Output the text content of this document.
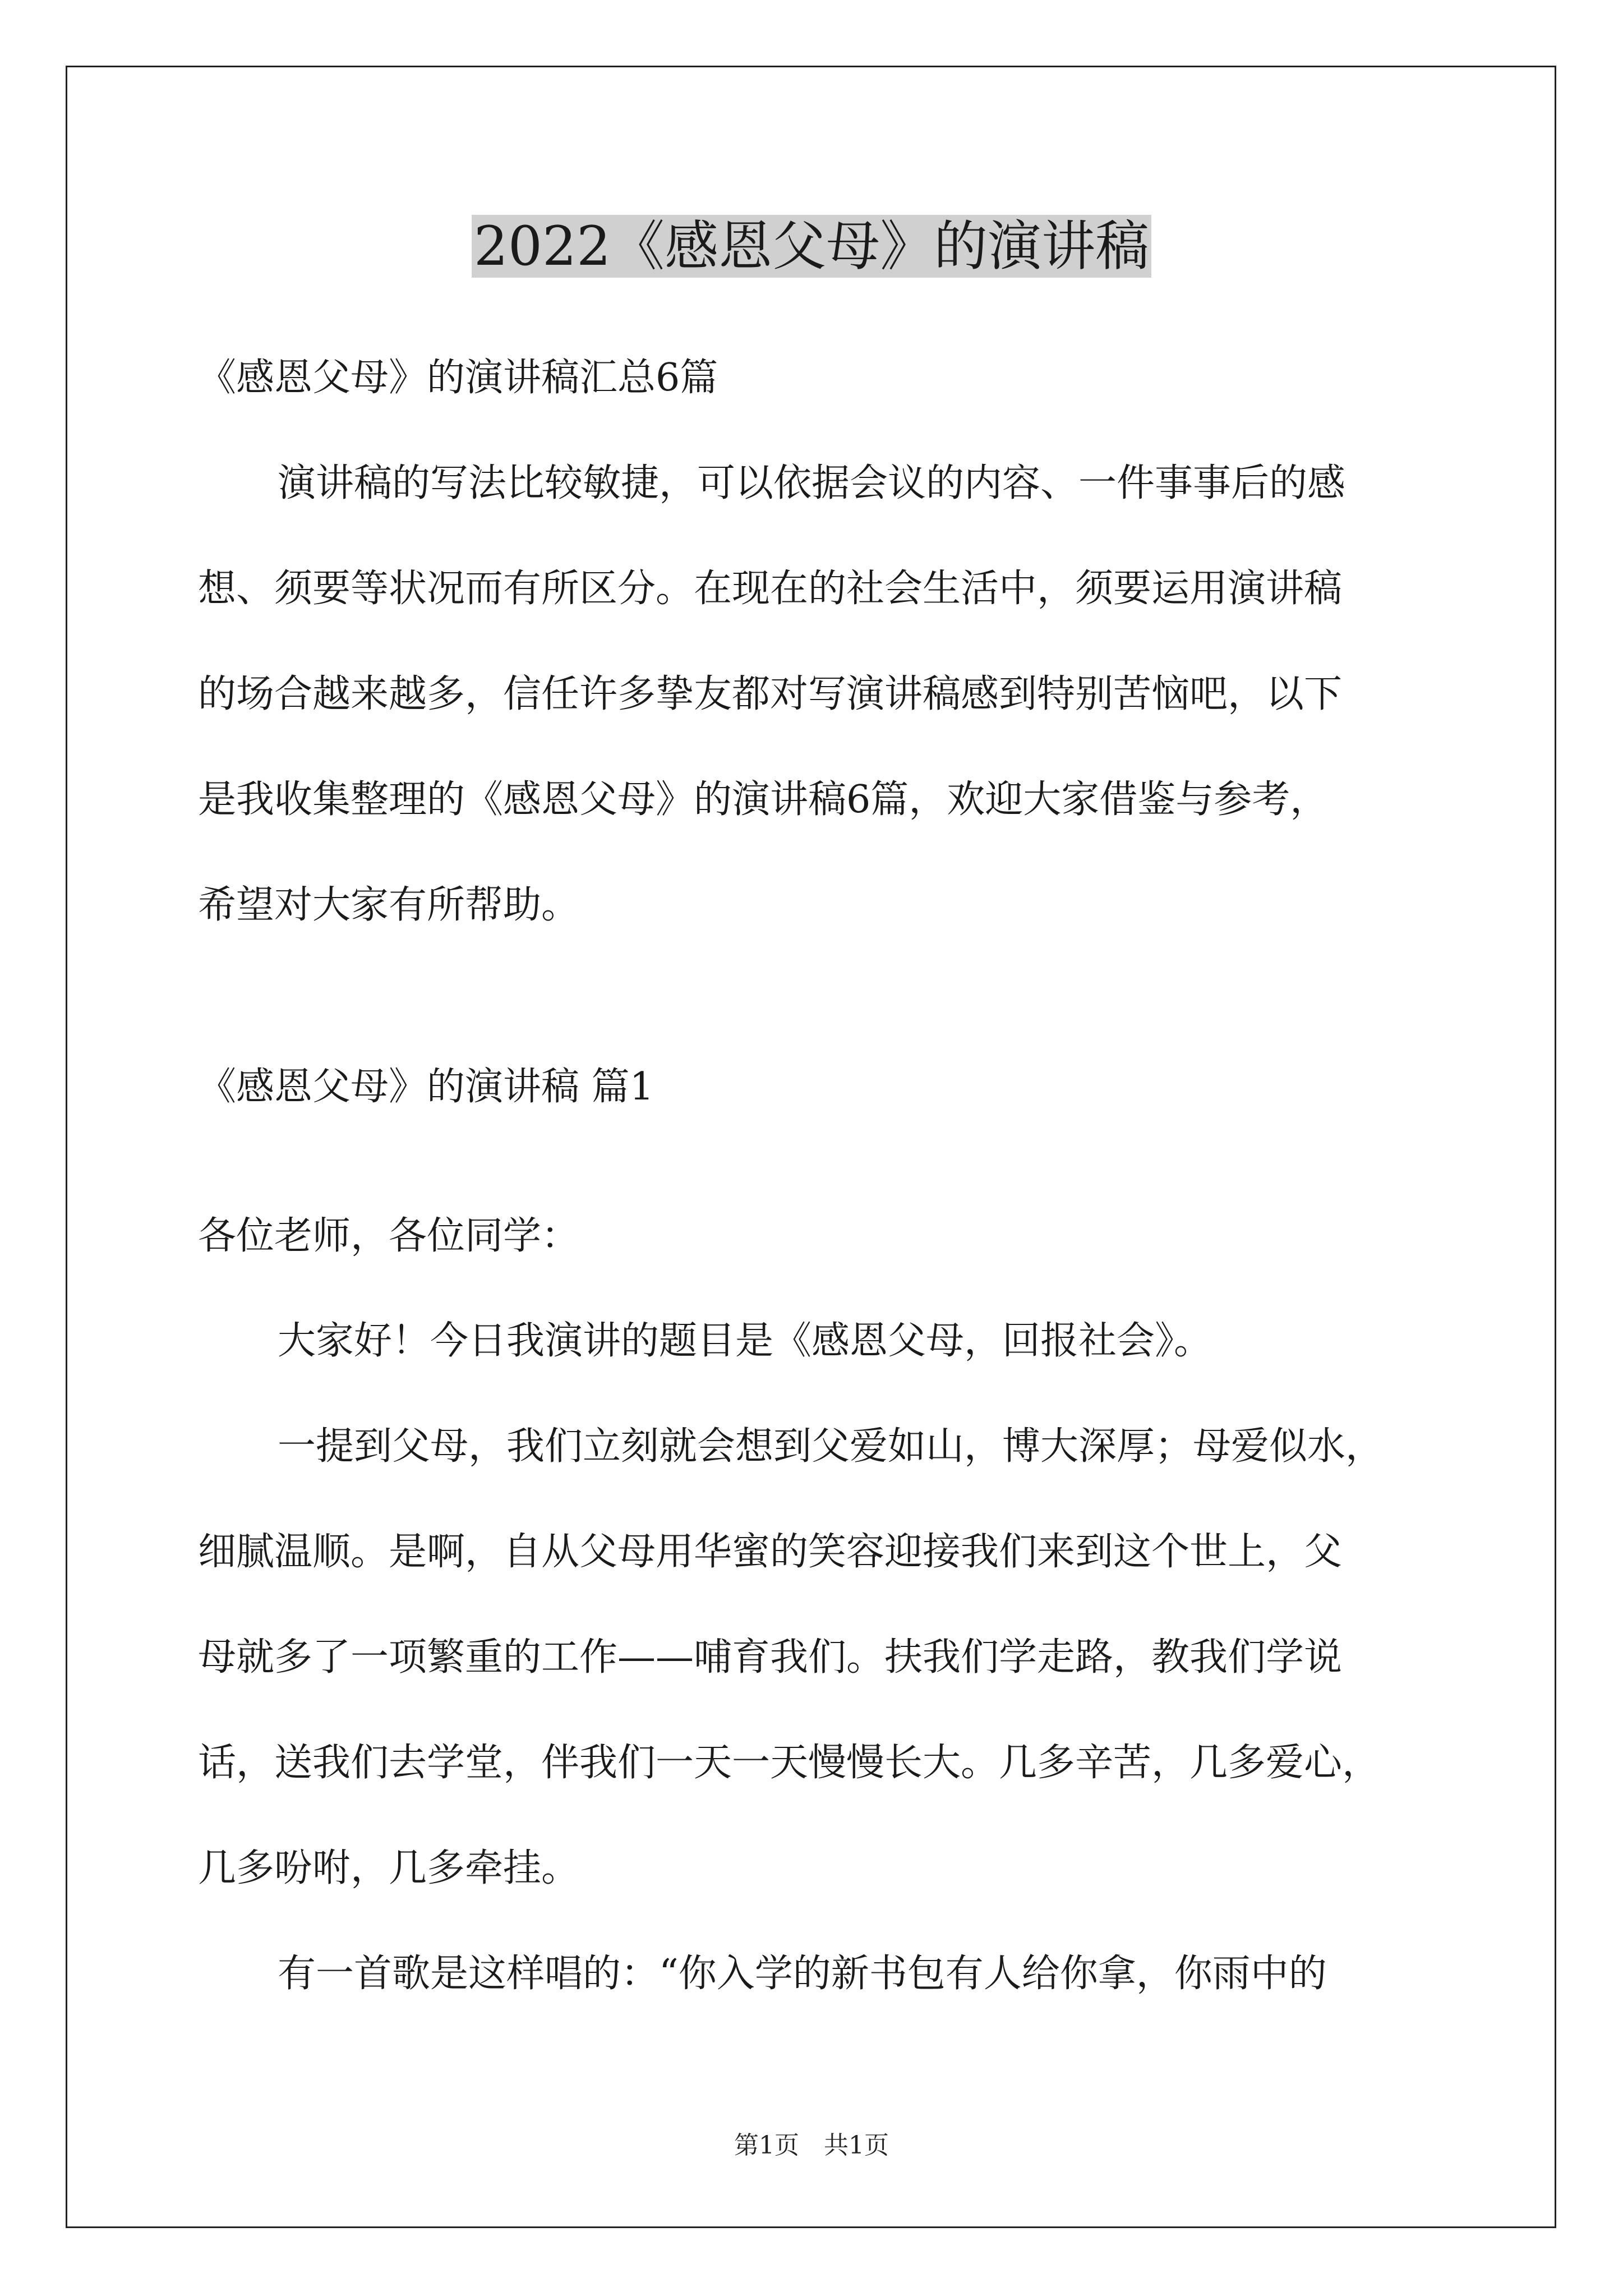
2022《感恩父母》的演讲稿

《感恩父母》的演讲稿汇总6篇

演讲稿的写法比较敏捷，可以依据会议的内容、一件事事后的感

想、须要等状况而有所区分。在现在的社会生活中，须要运用演讲稿

的场合越来越多，信任许多挚友都对写演讲稿感到特别苦恼吧，以下

是我收集整理的《感恩父母》的演讲稿6篇，欢迎大家借鉴与参考，

希望对大家有所帮助。

《感恩父母》的演讲稿 篇1

各位老师，各位同学：

大家好！今日我演讲的题目是《感恩父母，回报社会》。

一提到父母，我们立刻就会想到父爱如山，博大深厚；母爱似水，

细腻温顺。是啊，自从父母用华蜜的笑容迎接我们来到这个世上，父

母就多了一项繁重的工作——哺育我们。扶我们学走路，教我们学说

话，送我们去学堂，伴我们一天一天慢慢长大。几多辛苦，几多爱心，

几多吩咐，几多牵挂。

有一首歌是这样唱的：“你入学的新书包有人给你拿，你雨中的

第1页　共1页
